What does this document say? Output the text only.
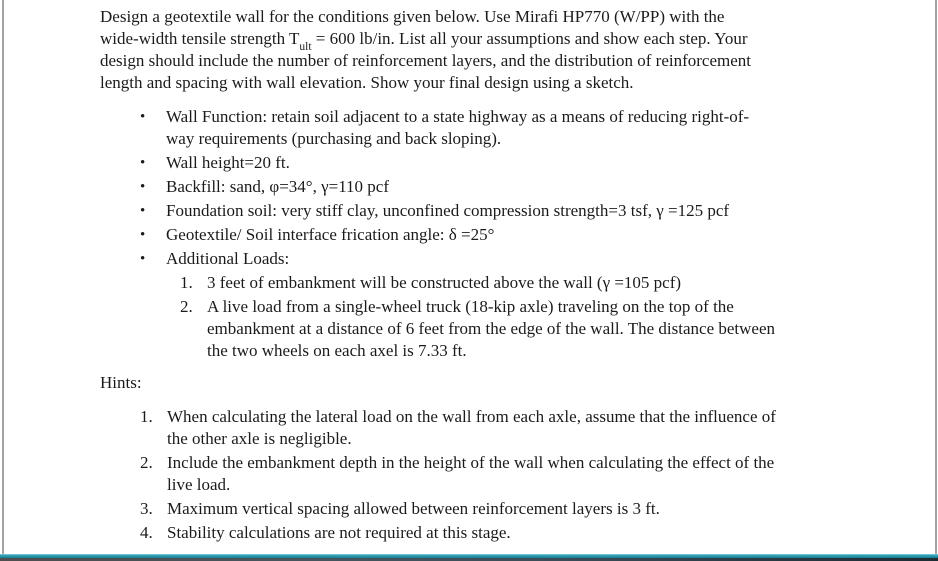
Design a geotextile wall for the conditions given below. Use Mirafi HP770 (W/PP) with the
wide-width tensile strength $T_{ult} = 600$ lb/in. List all your assumptions and show each step. Your
design should include the number of reinforcement layers, and the distribution of reinforcement
length and spacing with wall elevation. Show your final design using a sketch.
•	Wall Function: retain soil adjacent to a state highway as a means of reducing right-of-
way requirements (purchasing and back sloping).
•	Wall height=20 ft.
•	Backfill: sand, φ=34°, γ=110 pcf
•	Foundation soil: very stiff clay, unconfined compression strength=3 tsf, γ =125 pcf
•	Geotextile/ Soil interface frication angle: δ =25°
•	Additional Loads:
1. 3 feet of embankment will be constructed above the wall (γ =105 pcf)
2. A live load from a single-wheel truck (18-kip axle) traveling on the top of the
embankment at a distance of 6 feet from the edge of the wall. The distance between
the two wheels on each axel is 7.33 ft.
Hints:
1. When calculating the lateral load on the wall from each axle, assume that the influence of
the other axle is negligible.
2. Include the embankment depth in the height of the wall when calculating the effect of the
live load.
3. Maximum vertical spacing allowed between reinforcement layers is 3 ft.
4. Stability calculations are not required at this stage.
